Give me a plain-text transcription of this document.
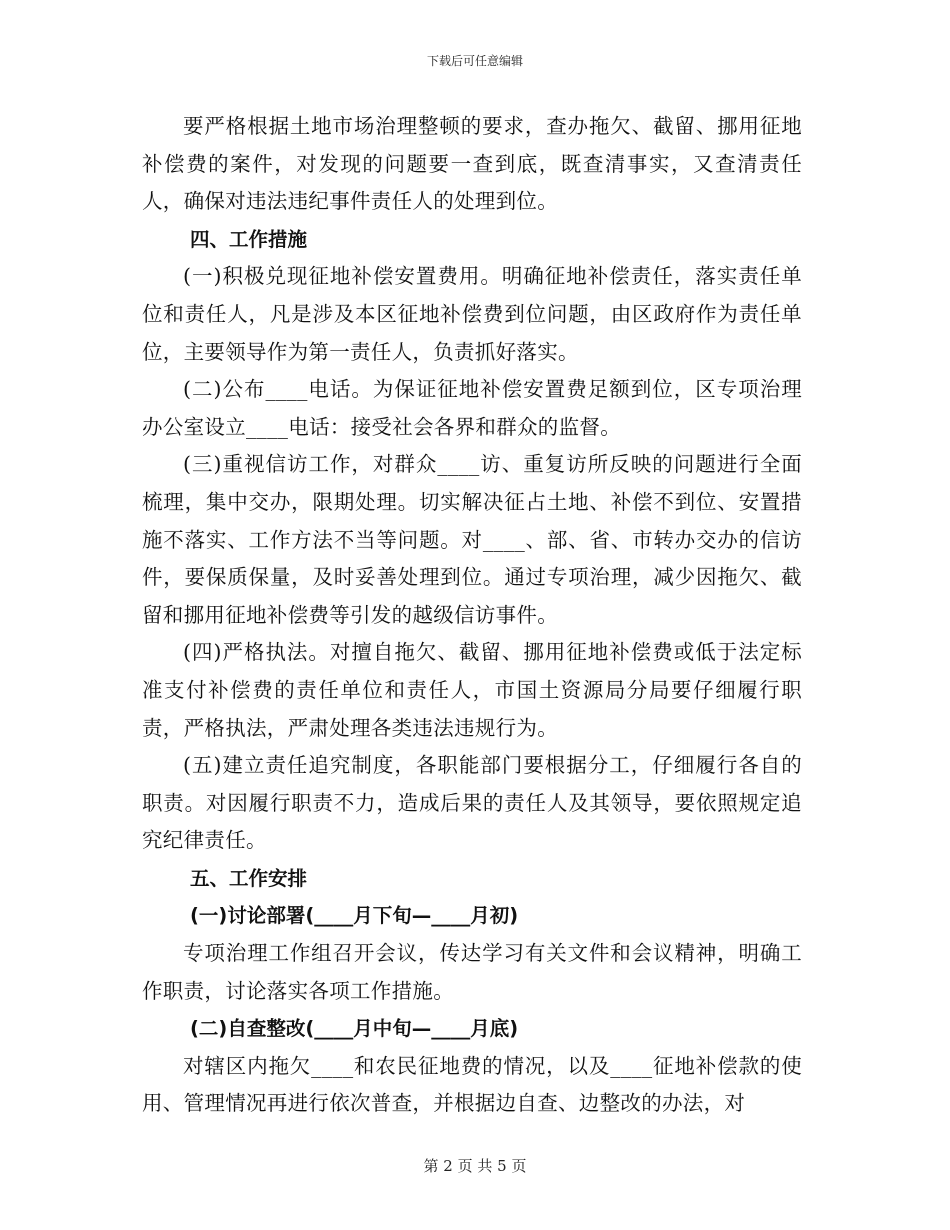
下载后可任意编辑

要严格根据土地市场治理整顿的要求，查办拖欠、截留、挪用征地补偿费的案件，对发现的问题要一查到底，既查清事实，又查清责任人，确保对违法违纪事件责任人的处理到位。

四、工作措施

(一)积极兑现征地补偿安置费用。明确征地补偿责任，落实责任单位和责任人，凡是涉及本区征地补偿费到位问题，由区政府作为责任单位，主要领导作为第一责任人，负责抓好落实。

(二)公布____电话。为保证征地补偿安置费足额到位，区专项治理办公室设立____电话：接受社会各界和群众的监督。

(三)重视信访工作，对群众____访、重复访所反映的问题进行全面梳理，集中交办，限期处理。切实解决征占土地、补偿不到位、安置措施不落实、工作方法不当等问题。对____、部、省、市转办交办的信访件，要保质保量，及时妥善处理到位。通过专项治理，减少因拖欠、截留和挪用征地补偿费等引发的越级信访事件。

(四)严格执法。对擅自拖欠、截留、挪用征地补偿费或低于法定标准支付补偿费的责任单位和责任人，市国土资源局分局要仔细履行职责，严格执法，严肃处理各类违法违规行为。

(五)建立责任追究制度，各职能部门要根据分工，仔细履行各自的职责。对因履行职责不力，造成后果的责任人及其领导，要依照规定追究纪律责任。

五、工作安排

(一)讨论部署(____月下旬—____月初)

专项治理工作组召开会议，传达学习有关文件和会议精神，明确工作职责，讨论落实各项工作措施。

(二)自查整改(____月中旬—____月底)

对辖区内拖欠____和农民征地费的情况，以及____征地补偿款的使用、管理情况再进行依次普查，并根据边自查、边整改的办法，对

第 2 页 共 5 页
